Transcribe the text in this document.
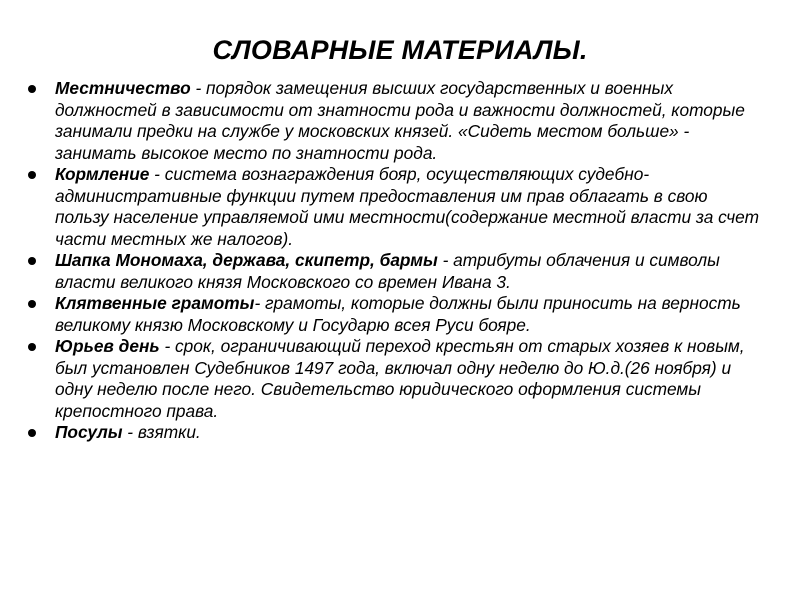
СЛОВАРНЫЕ МАТЕРИАЛЫ.
Местничество - порядок замещения высших государственных и военных должностей в зависимости от знатности рода и важности должностей, которые занимали предки на службе у московских князей. «Сидеть местом больше» - занимать высокое место по знатности рода.
Кормление - система вознаграждения бояр, осуществляющих судебно-административные функции путем предоставления им прав облагать в свою пользу население управляемой ими местности(содержание местной власти за счет части местных же налогов).
Шапка Мономаха, держава, скипетр, бармы - атрибуты облачения и символы власти великого князя Московского со времен Ивана 3.
Клятвенные грамоты- грамоты, которые должны были приносить на верность великому князю Московскому и Государю всея Руси бояре.
Юрьев день - срок, ограничивающий переход крестьян от старых хозяев к новым, был установлен Судебников 1497 года, включал одну неделю до Ю.д.(26 ноября) и одну неделю после него. Свидетельство юридического оформления системы крепостного права.
Посулы - взятки.
